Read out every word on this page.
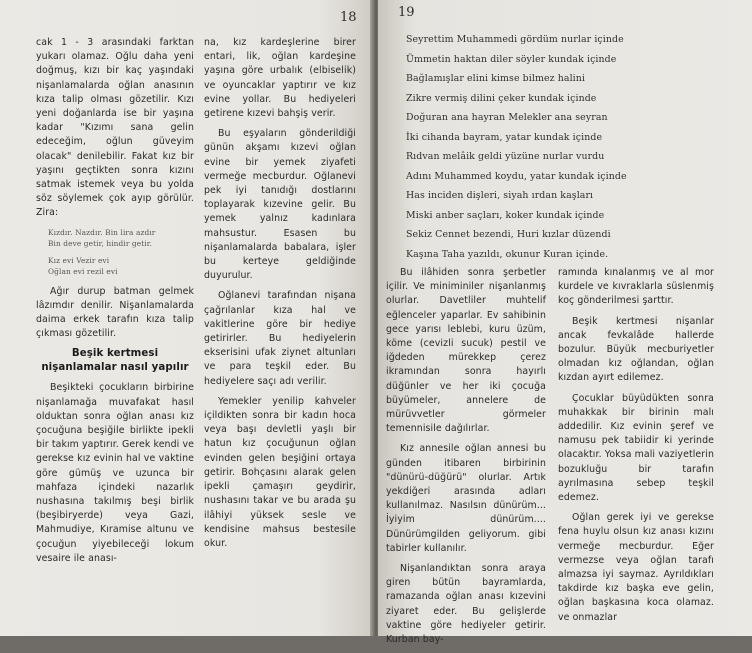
18

cak 1 - 3 arasındaki farktan yukarı olamaz. Oğlu daha yeni doğmuş, kızı bir kaç yaşındaki nişanlamalarda oğlan anasının kıza talip olması gözetilir. Kızı yeni doğanlarda ise bir yaşına kadar "Kızımı sana gelin edeceğim, oğlun güveyim olacak" denilebilir. Fakat kız bir yaşını geçtikten sonra kızını satmak istemek veya bu yolda söz söylemek çok ayıp görülür. Zira:

Kızdır. Nazdır. Bin lira azdır
Bin deve getir, hindir getir.
Kız evi Vezir evi
Oğlan evi rezil evi

Ağır durup batman gelmek lâzımdır denilir. Nişanlamalarda daima erkek tarafın kıza talip çıkması gözetilir.

Beşik kertmesi nişanlamalar nasıl yapılır

Beşikteki çocukların birbirine nişanlamağa muvafakat hasıl olduktan sonra oğlan anası kız çocuğuna beşiğile birlikte ipekli bir takım yaptırır. Gerek kendi ve gerekse kız evinin hal ve vaktine göre gümüş ve uzunca bir mahfaza içindeki nazarlık nushasına takılmış beşi birlik (beşibiryerde) veya Gazi, Mahmudiye, Kıramise altunu ve çocuğun yiyebileceği lokum vesaire ile anası-

na, kız kardeşlerine birer entari, lik, oğlan kardeşine yaşına göre urbalık (elbiselik) ve oyuncaklar yaptırır ve kız evine yollar. Bu hediyeleri getirene kızevi bahşiş verir.

Bu eşyaların gönderildiği günün akşamı kızevi oğlan evine bir yemek ziyafeti vermeğe mecburdur. Oğlanevi pek iyi tanıdığı dostlarını toplayarak kızevine gelir. Bu yemek yalnız kadınlara mahsustur. Esasen bu nişanlamalarda babalara, işler bu kerteye geldiğinde duyurulur.

Oğlanevi tarafından nişana çağrılanlar kıza hal ve vakitlerine göre bir hediye getirirler. Bu hediyelerin ekserisini ufak ziynet altunları ve para teşkil eder. Bu hediyelere saçı adı verilir.

Yemekler yenilip kahveler içildikten sonra bir kadın hoca veya başı devletli yaşlı bir hatun kız çocuğunun oğlan evinden gelen beşiğini ortaya getirir. Bohçasını alarak gelen ipekli çamaşırı geydirir, nushasını takar ve bu arada şu ilâhiyi yüksek sesle ve kendisine mahsus bestesile okur.

19
Seyrettim Muhammedi gördüm nurlar içinde
Ümmetin haktan diler söyler kundak içinde
Bağlamışlar elini kimse bilmez halini
Zikre vermiş dilini çeker kundak içinde
Doğuran ana hayran Melekler ana seyran
İki cihanda bayram, yatar kundak içinde
Rıdvan melâik geldi yüzüne nurlar vurdu
Adını Muhammed koydu, yatar kundak içinde
Has inciden dişleri, siyah ırdan kaşları
Miski anber saçları, koker kundak içinde
Sekiz Cennet bezendi, Huri kızlar düzendi
Kaşına Taha yazıldı, okunur Kuran içinde.

Bu ilâhiden sonra şerbetler içilir. Ve miniminiler nişanlanmış olurlar. Davetliler muhtelif eğlenceler yaparlar. Ev sahibinin gece yarısı leblebi, kuru üzüm, köme (cevizli sucuk) pestil ve iğdeden mürekkep çerez ikramından sonra hayırlı düğünler ve her iki çocuğa büyümeler, annelere de mürüvvetler görmeler temennisile dağılırlar.

Kız annesile oğlan annesi bu günden itibaren birbirinin "dünürü-düğürü" olurlar. Artık yekdiğeri arasında adları kullanılmaz. Nasılsın dünürüm... İyiyim dünürüm.... Dünürümgilden geliyorum. gibi tabirler kullanılır.

Nişanlandıktan sonra araya giren bütün bayramlarda, ramazanda oğlan anası kızevini ziyaret eder. Bu gelişlerde vaktine göre hediyeler getirir. Kurban bay-

ramında kınalanmış ve al mor kurdele ve kıvraklarla süslenmiş koç gönderilmesi şarttır.

Beşik kertmesi nişanlar ancak fevkalâde hallerde bozulur. Büyük mecburiyetler olmadan kız oğlandan, oğlan kızdan ayırt edilemez.

Çocuklar büyüdükten sonra muhakkak bir birinin malı addedilir. Kız evinin şeref ve namusu pek tabiidir ki yerinde olacaktır. Yoksa mali vaziyetlerin bozukluğu bir tarafın ayrılmasına sebep teşkil edemez.

Oğlan gerek iyi ve gerekse fena huylu olsun kız anası kızını vermeğe mecburdur. Eğer vermezse veya oğlan tarafı almazsa iyi saymaz. Ayrıldıkları takdirde kız başka eve gelin, oğlan başkasına koca olamaz. ve onmazlar
